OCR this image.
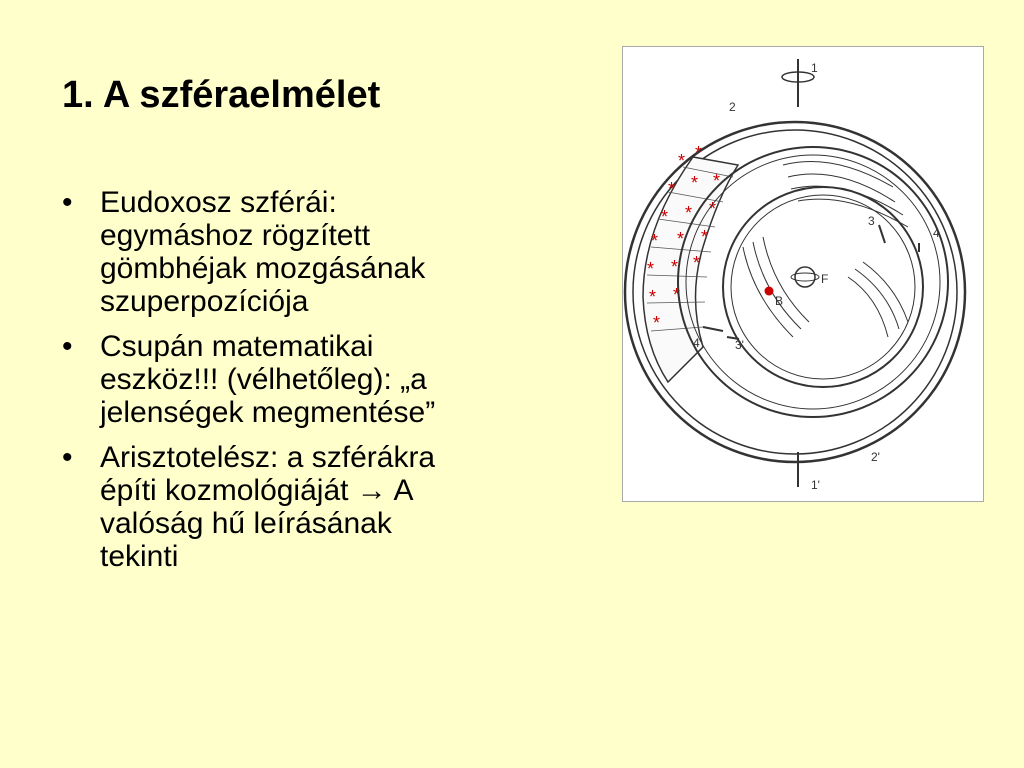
1. A szféraelmélet
• Eudoxosz szférái:
egymáshoz rögzített
gömbhéjak mozgásának
szuperpozíciója
• Csupán matematikai
eszköz!!! (vélhetőleg): „a
jelenségek megmentése”
• Arisztotelész: a szférákra
építi kozmológiáját → A
valóság hű leírásának
tekinti
1
2
* *
* * *
* * *
* * *
* * *
* *
*
F
B
3
4
4'	3'
2'
1'
